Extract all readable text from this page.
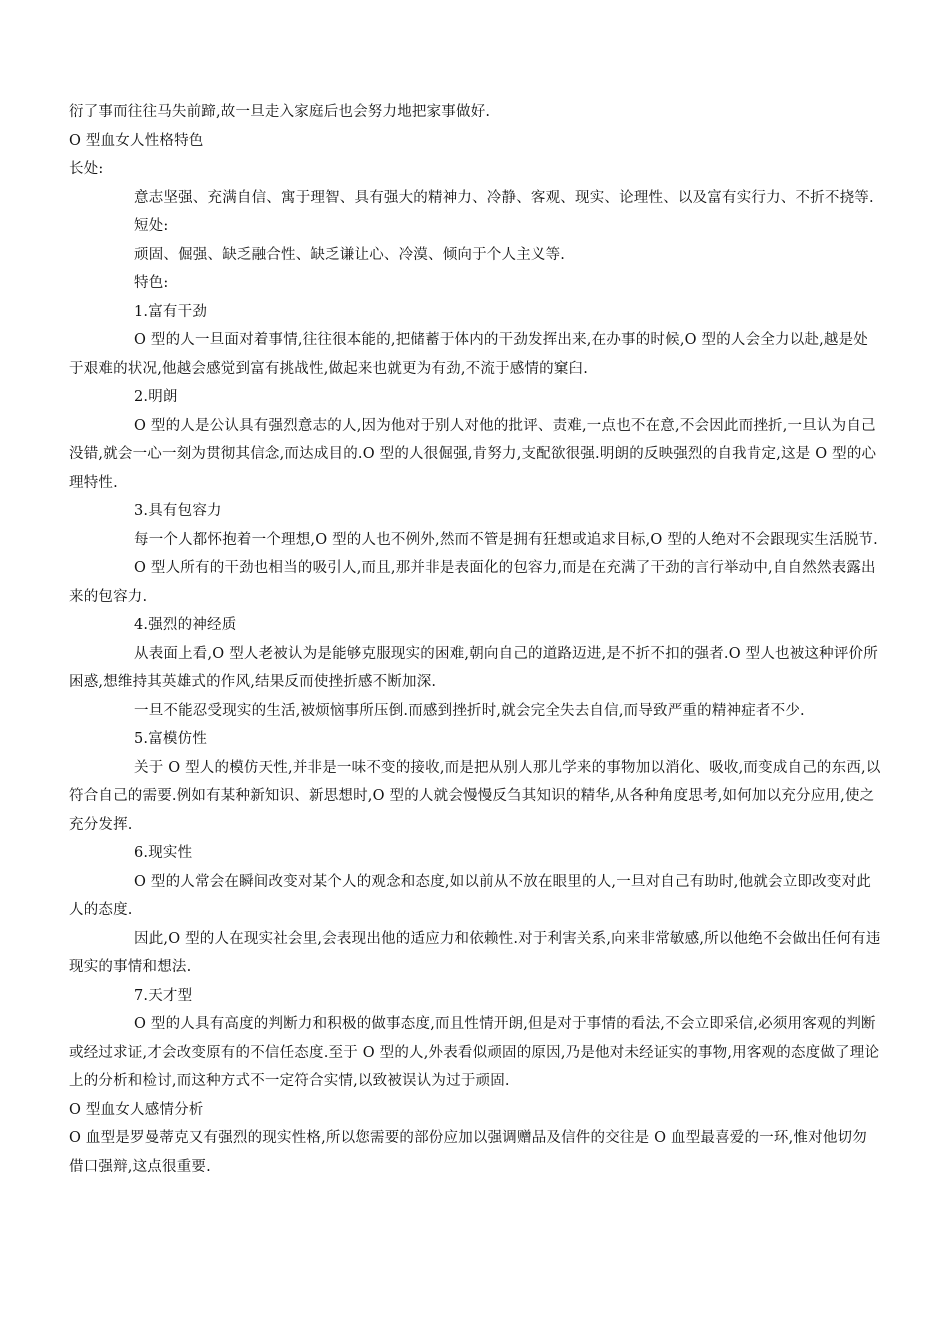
衍了事而往往马失前蹄,故一旦走入家庭后也会努力地把家事做好.

O 型血女人性格特色

长处:

意志坚强、充满自信、寓于理智、具有强大的精神力、冷静、客观、现实、论理性、以及富有实行力、不折不挠等.

短处:

顽固、倔强、缺乏融合性、缺乏谦让心、冷漠、倾向于个人主义等.

特色:

1.富有干劲

O 型的人一旦面对着事情,往往很本能的,把储蓄于体内的干劲发挥出来,在办事的时候,O 型的人会全力以赴,越是处于艰难的状况,他越会感觉到富有挑战性,做起来也就更为有劲,不流于感情的窠臼.

2.明朗

O 型的人是公认具有强烈意志的人,因为他对于别人对他的批评、责难,一点也不在意,不会因此而挫折,一旦认为自己没错,就会一心一刻为贯彻其信念,而达成目的.O 型的人很倔强,肯努力,支配欲很强.明朗的反映强烈的自我肯定,这是 O 型的心理特性.

3.具有包容力

每一个人都怀抱着一个理想,O 型的人也不例外,然而不管是拥有狂想或追求目标,O 型的人绝对不会跟现实生活脱节.

O 型人所有的干劲也相当的吸引人,而且,那并非是表面化的包容力,而是在充满了干劲的言行举动中,自自然然表露出来的包容力.

4.强烈的神经质

从表面上看,O 型人老被认为是能够克服现实的困难,朝向自己的道路迈进,是不折不扣的强者.O 型人也被这种评价所困惑,想维持其英雄式的作风,结果反而使挫折感不断加深.

一旦不能忍受现实的生活,被烦恼事所压倒.而感到挫折时,就会完全失去自信,而导致严重的精神症者不少.

5.富模仿性

关于 O 型人的模仿天性,并非是一味不变的接收,而是把从别人那儿学来的事物加以消化、吸收,而变成自己的东西,以符合自己的需要.例如有某种新知识、新思想时,O 型的人就会慢慢反刍其知识的精华,从各种角度思考,如何加以充分应用,使之充分发挥.

6.现实性

O 型的人常会在瞬间改变对某个人的观念和态度,如以前从不放在眼里的人,一旦对自己有助时,他就会立即改变对此人的态度.

因此,O 型的人在现实社会里,会表现出他的适应力和依赖性.对于利害关系,向来非常敏感,所以他绝不会做出任何有违现实的事情和想法.

7.天才型

O 型的人具有高度的判断力和积极的做事态度,而且性情开朗,但是对于事情的看法,不会立即采信,必须用客观的判断或经过求证,才会改变原有的不信任态度.至于 O 型的人,外表看似顽固的原因,乃是他对未经证实的事物,用客观的态度做了理论上的分析和检讨,而这种方式不一定符合实情,以致被误认为过于顽固.

O 型血女人感情分析

O 血型是罗曼蒂克又有强烈的现实性格,所以您需要的部份应加以强调赠品及信件的交往是 O 血型最喜爱的一环,惟对他切勿借口强辩,这点很重要.
